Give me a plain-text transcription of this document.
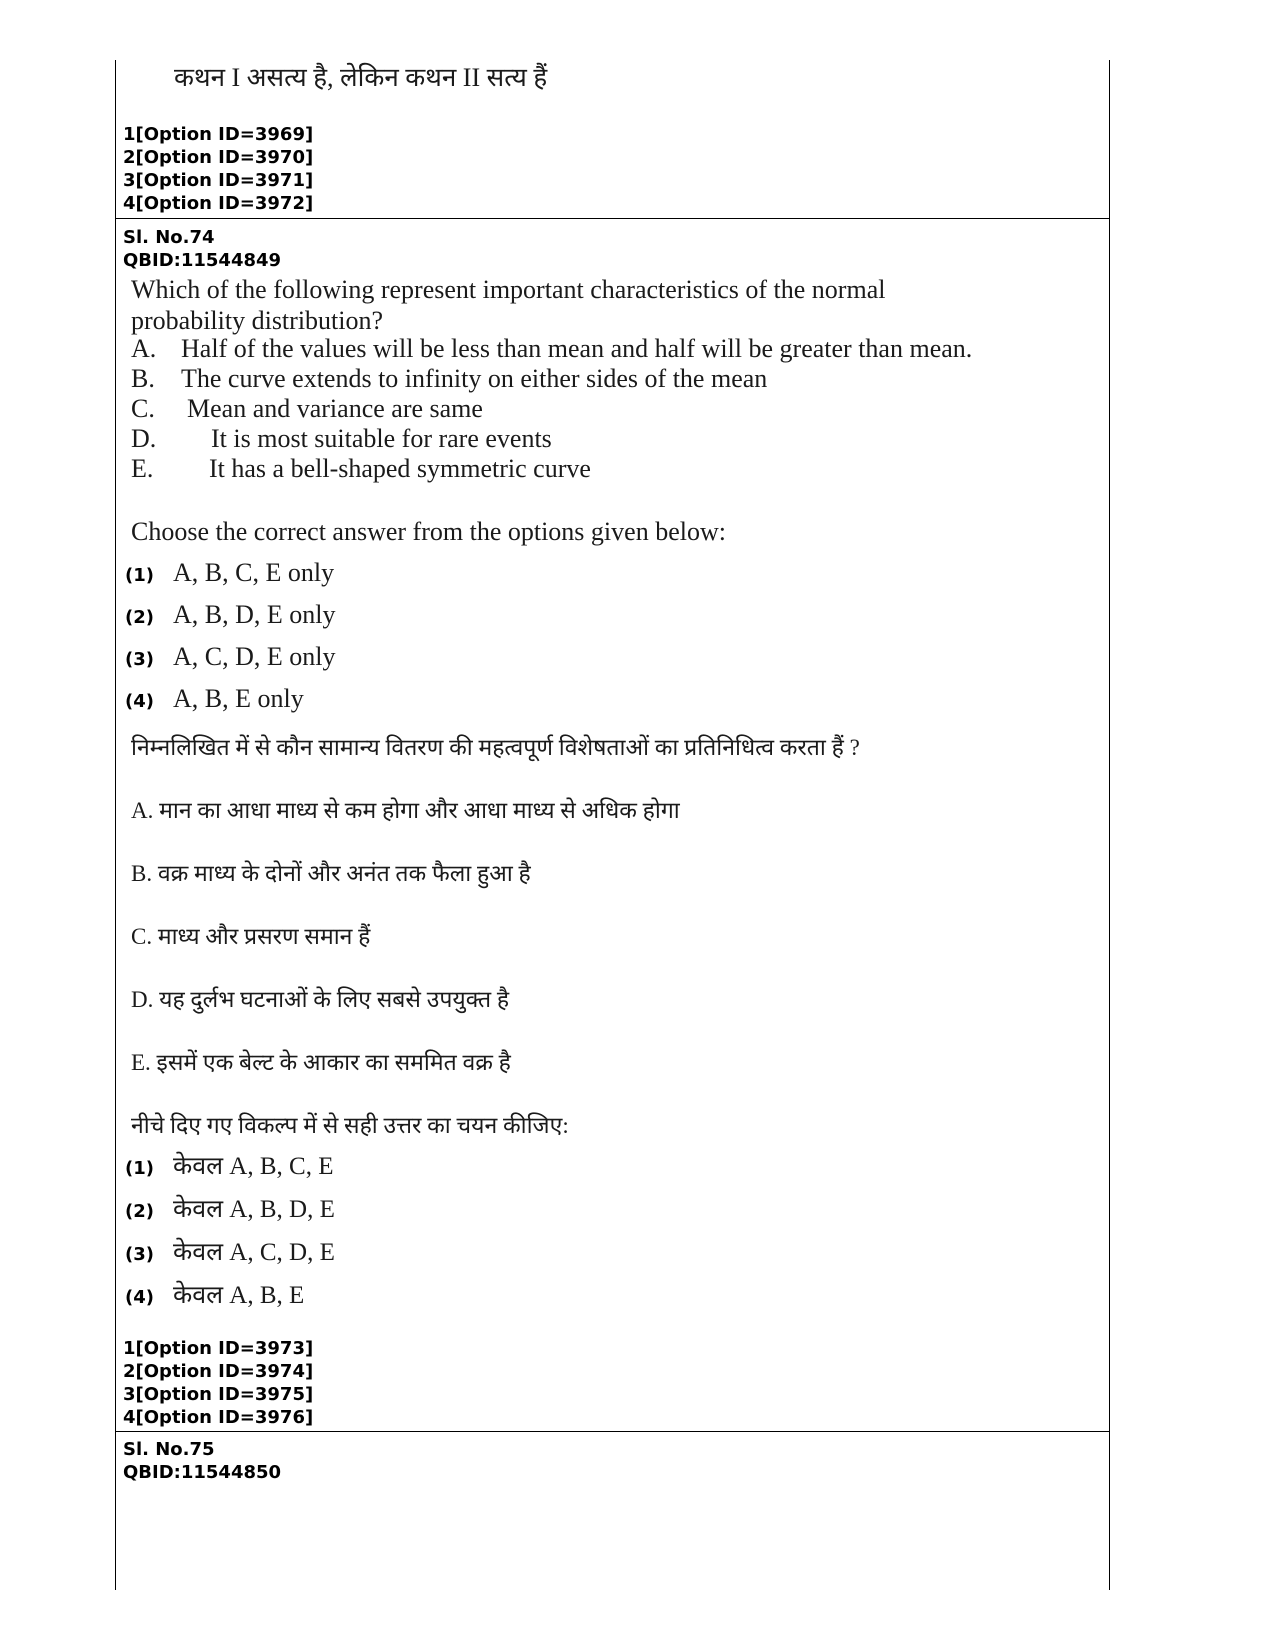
कथन I असत्य है, लेकिन कथन II सत्य हैं
1[Option ID=3969]
2[Option ID=3970]
3[Option ID=3971]
4[Option ID=3972]
Sl. No.74
QBID:11544849
Which of the following represent important characteristics of the normal
probability distribution?
A. Half of the values will be less than mean and half will be greater than mean.
B. The curve extends to infinity on either sides of the mean
C. Mean and variance are same
D. It is most suitable for rare events
E. It has a bell-shaped symmetric curve
Choose the correct answer from the options given below:
(1) A, B, C, E only
(2) A, B, D, E only
(3) A, C, D, E only
(4) A, B, E only
निम्नलिखित में से कौन सामान्य वितरण की महत्वपूर्ण विशेषताओं का प्रतिनिधित्व करता हैं ?
A. मान का आधा माध्य से कम होगा और आधा माध्य से अधिक होगा
B. वक्र माध्य के दोनों और अनंत तक फैला हुआ है
C. माध्य और प्रसरण समान हैं
D. यह दुर्लभ घटनाओं के लिए सबसे उपयुक्त है
E. इसमें एक बेल्ट के आकार का सममित वक्र है
नीचे दिए गए विकल्प में से सही उत्तर का चयन कीजिए:
(1) केवल A, B, C, E
(2) केवल A, B, D, E
(3) केवल A, C, D, E
(4) केवल A, B, E
1[Option ID=3973]
2[Option ID=3974]
3[Option ID=3975]
4[Option ID=3976]
Sl. No.75
QBID:11544850
